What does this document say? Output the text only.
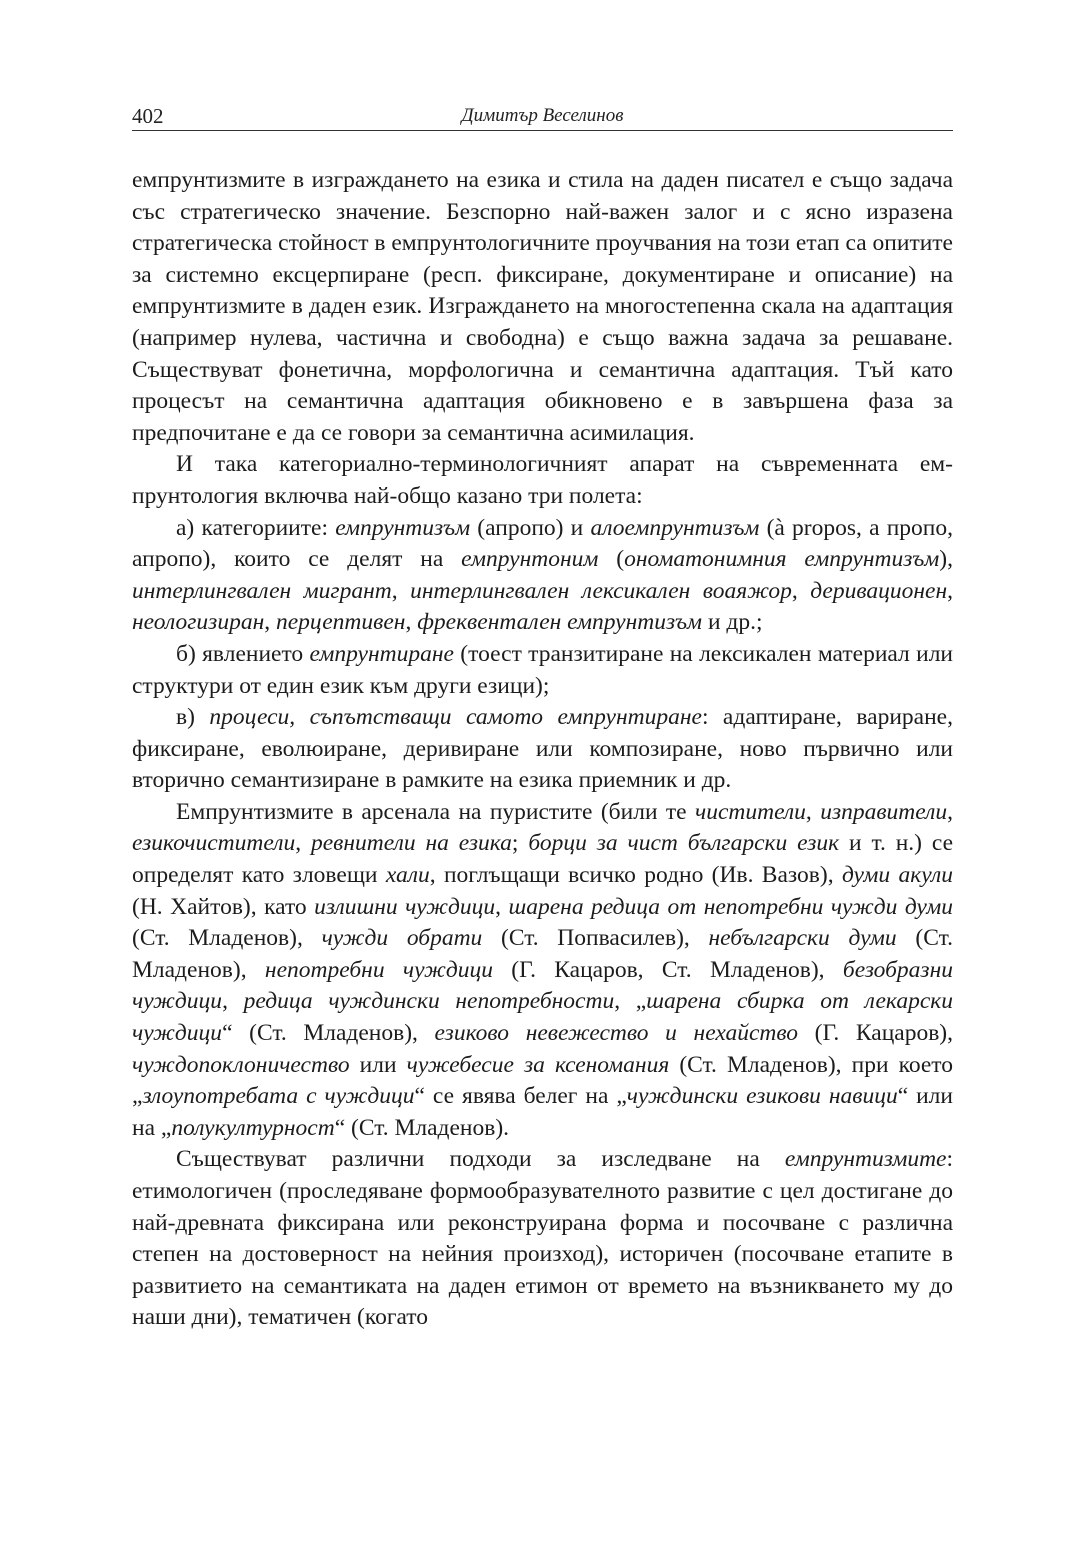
402	Димитър Веселинов

емпрунтизмите в изграждането на езика и стила на даден писател е също задача със стратегическо значение. Безспорно най-важен залог и с ясно изразена стратегическа стойност в емпрунтологичните проучвания на този етап са опитите за системно ексцерпиране (респ. фиксиране, документиране и описание) на емпрунтизмите в даден език. Изграждането на многостепенна скала на адаптация (например нулева, частична и свободна) е също важна задача за решаване. Съществуват фонетична, морфологична и семантична адаптация. Тъй като процесът на семантична адаптация обикновено е в завършена фаза за предпочитане е да се говори за семантична асимилация.

И така категориално-терминологичният апарат на съвременната емпрунтология включва най-общо казано три полета:

а) категориите: емпрунтизъм (апропо) и алоемпрунтизъм (à propos, а пропо, апропо), които се делят на емпрунтоним (ономатонимния емпрунтизъм), интерлингвален мигрант, интерлингвален лексикален воаяжор, деривационен, неологизиран, перцептивен, фреквентален емпрунтизъм и др.;

б) явлението емпрунтиране (тоест транзитиране на лексикален материал или структури от един език към други езици);

в) процеси, съпътстващи самото емпрунтиране: адаптиране, вариране, фиксиране, еволюиране, деривиране или композиране, ново първично или вторично семантизиране в рамките на езика приемник и др.

Емпрунтизмите в арсенала на пуристите (били те чистители, изправители, езикочистители, ревнители на езика; борци за чист български език и т. н.) се определят като зловещи хали, поглъщащи всичко родно (Ив. Вазов), думи акули (Н. Хайтов), като излишни чуждици, шарена редица от непотребни чужди думи (Ст. Младенов), чужди обрати (Ст. Попвасилев), небългарски думи (Ст. Младенов), непотребни чуждици (Г. Кацаров, Ст. Младенов), безобразни чуждици, редица чуждински непотребности, „шарена сбирка от лекарски чуждици“ (Ст. Младенов), езиково невежество и нехайство (Г. Кацаров), чуждопоклоничество или чужебесие за ксеномания (Ст. Младенов), при което „злоупотребата с чуждици“ се явява белег на „чуждински езикови навици“ или на „полукултурност“ (Ст. Младенов).

Съществуват различни подходи за изследване на емпрунтизмите: етимологичен (проследяване формообразувателното развитие с цел достигане до най-древната фиксирана или реконструирана форма и посочване с различна степен на достоверност на нейния произход), историчен (посочване етапите в развитието на семантиката на даден етимон от времето на възникването му до наши дни), тематичен (когато
